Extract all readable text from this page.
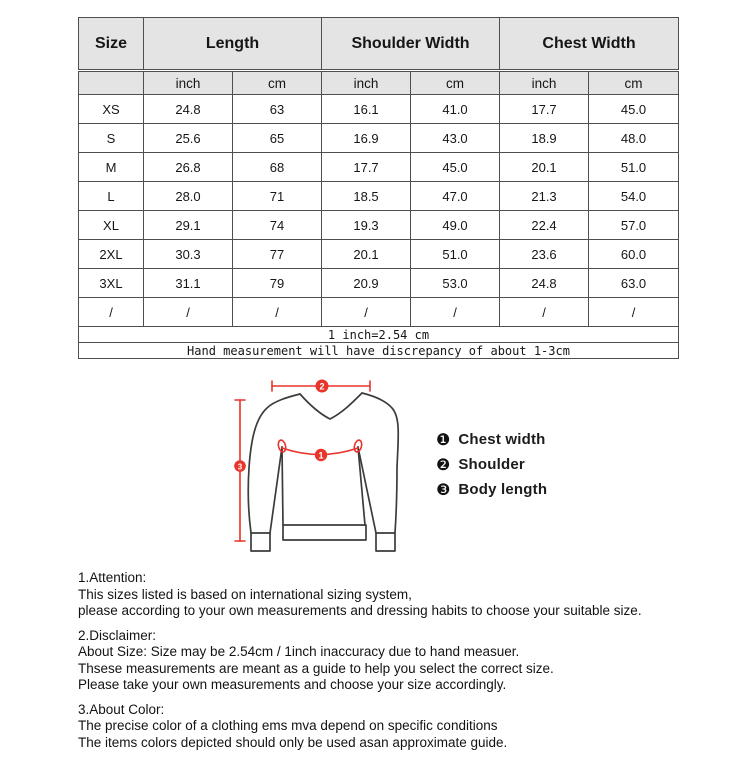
Size	Length		Shoulder Width		Chest Width	
	inch	cm	inch	cm	inch	cm
XS	24.8	63	16.1	41.0	17.7	45.0
S	25.6	65	16.9	43.0	18.9	48.0
M	26.8	68	17.7	45.0	20.1	51.0
L	28.0	71	18.5	47.0	21.3	54.0
XL	29.1	74	19.3	49.0	22.4	57.0
2XL	30.3	77	20.1	51.0	23.6	60.0
3XL	31.1	79	20.9	53.0	24.8	63.0
/	/	/	/	/	/	/
1 inch=2.54 cm						
Hand measurement will have discrepancy of about 1-3cm						
2
3
1
❶ Chest width
❷ Shoulder
❸ Body length
1.Attention:
This sizes listed is based on international sizing system,
please according to your own measurements and dressing habits to choose your suitable size.
2.Disclaimer:
About Size: Size may be 2.54cm / 1inch inaccuracy due to hand measuer.
Thsese measurements are meant as a guide to help you select the correct size.
Please take your own measurements and choose your size accordingly.
3.About Color:
The precise color of a clothing ems mva depend on specific conditions
The items colors depicted should only be used asan approximate guide.
